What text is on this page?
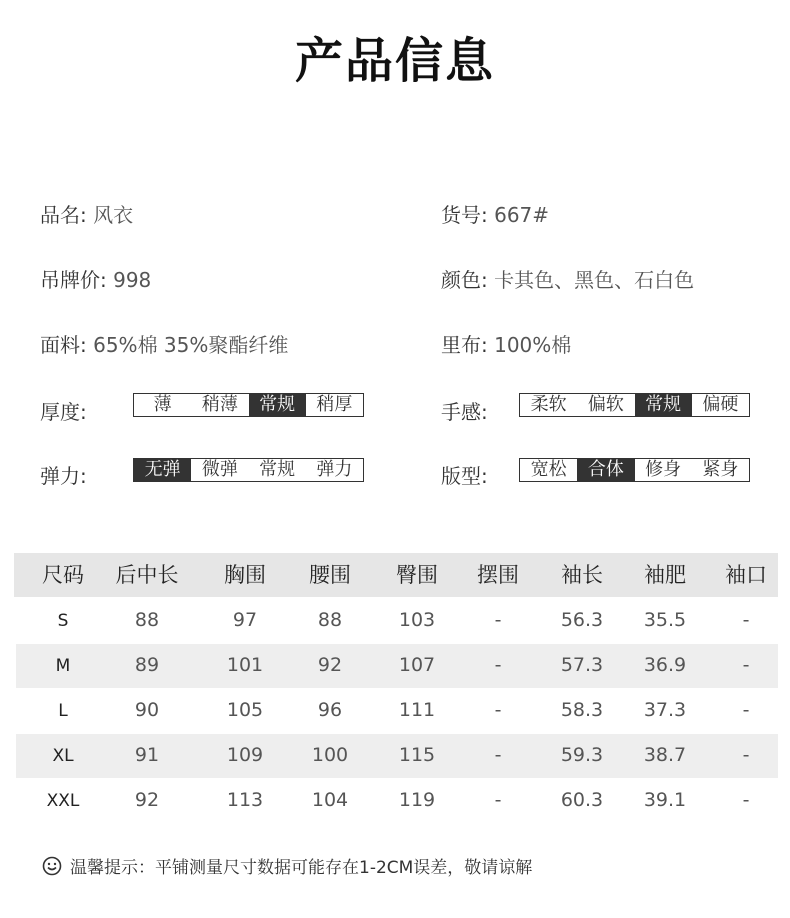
产品信息
品名: 风衣	货号: 667#
吊牌价: 998	颜色: 卡其色、黑色、石白色
面料: 65%棉 35%聚酯纤维	里布: 100%棉
厚度:	薄	稍薄	常规	稍厚	手感:	柔软	偏软	常规	偏硬
弹力:	无弹	微弹	常规	弹力	版型:	宽松	合体	修身	紧身
尺码 后中长 胸围 腰围 臀围 摆围 袖长 袖肥 袖口
S	88	97	88	103	-	56.3 35.5	-
M	89	101	92	107	-	57.3 36.9	-
L	90	105	96	111	-	58.3 37.3	-
XL	91	109	100	115	-	59.3 38.7	-
XXL	92	113	104	119	-	60.3 39.1	-
温馨提示：平铺测量尺寸数据可能存在1-2CM误差，敬请谅解
